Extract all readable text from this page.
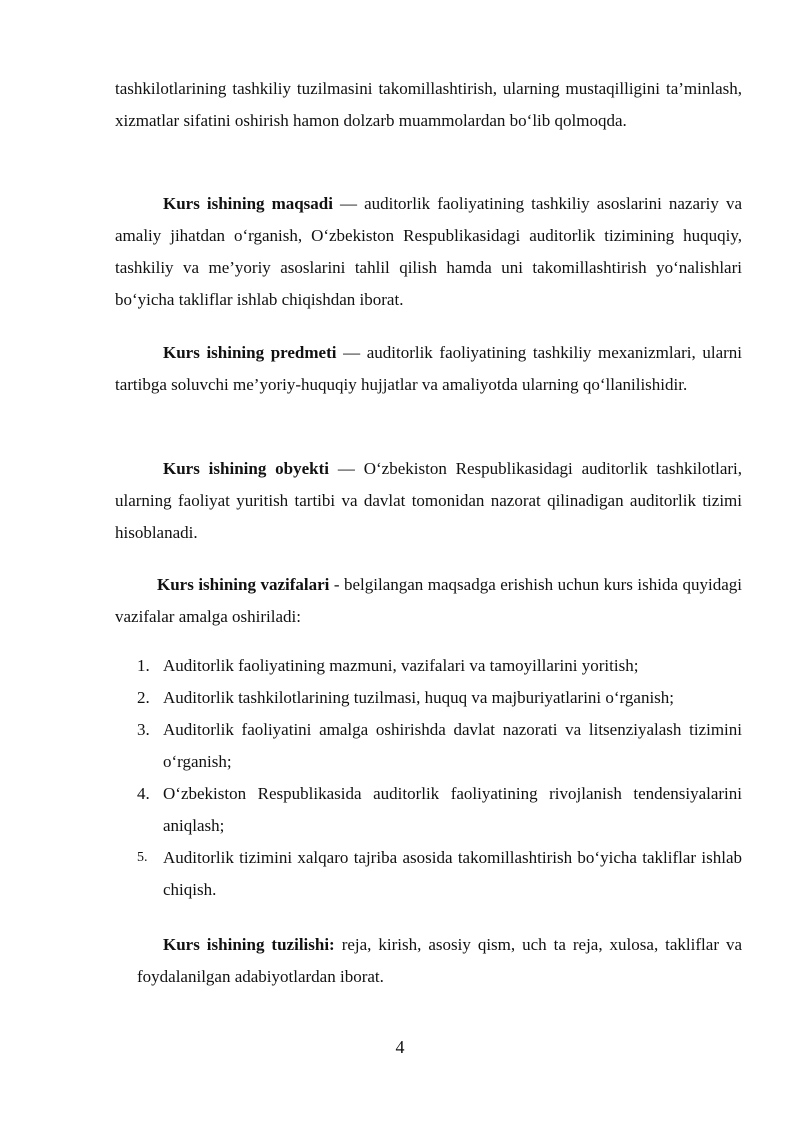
tashkilotlarining tashkiliy tuzilmasini takomillashtirish, ularning mustaqilligini ta’minlash, xizmatlar sifatini oshirish hamon dolzarb muammolardan bo‘lib qolmoqda.

Kurs ishining maqsadi — auditorlik faoliyatining tashkiliy asoslarini nazariy va amaliy jihatdan o‘rganish, O‘zbekiston Respublikasidagi auditorlik tizimining huquqiy, tashkiliy va me’yoriy asoslarini tahlil qilish hamda uni takomillashtirish yo‘nalishlari bo‘yicha takliflar ishlab chiqishdan iborat.

Kurs ishining predmeti — auditorlik faoliyatining tashkiliy mexanizmlari, ularni tartibga soluvchi me’yoriy-huquqiy hujjatlar va amaliyotda ularning qo‘llanilishidir.

Kurs ishining obyekti — O‘zbekiston Respublikasidagi auditorlik tashkilotlari, ularning faoliyat yuritish tartibi va davlat tomonidan nazorat qilinadigan auditorlik tizimi hisoblanadi.

Kurs ishining vazifalari - belgilangan maqsadga erishish uchun kurs ishida quyidagi vazifalar amalga oshiriladi:

1. Auditorlik faoliyatining mazmuni, vazifalari va tamoyillarini yoritish;
2. Auditorlik tashkilotlarining tuzilmasi, huquq va majburiyatlarini o‘rganish;
3. Auditorlik faoliyatini amalga oshirishda davlat nazorati va litsenziyalash tizimini o‘rganish;
4. O‘zbekiston Respublikasida auditorlik faoliyatining rivojlanish tendensiyalarini aniqlash;
5. Auditorlik tizimini xalqaro tajriba asosida takomillashtirish bo‘yicha takliflar ishlab chiqish.

Kurs ishining tuzilishi: reja, kirish, asosiy qism, uch ta reja, xulosa, takliflar va foydalanilgan adabiyotlardan iborat.

4
